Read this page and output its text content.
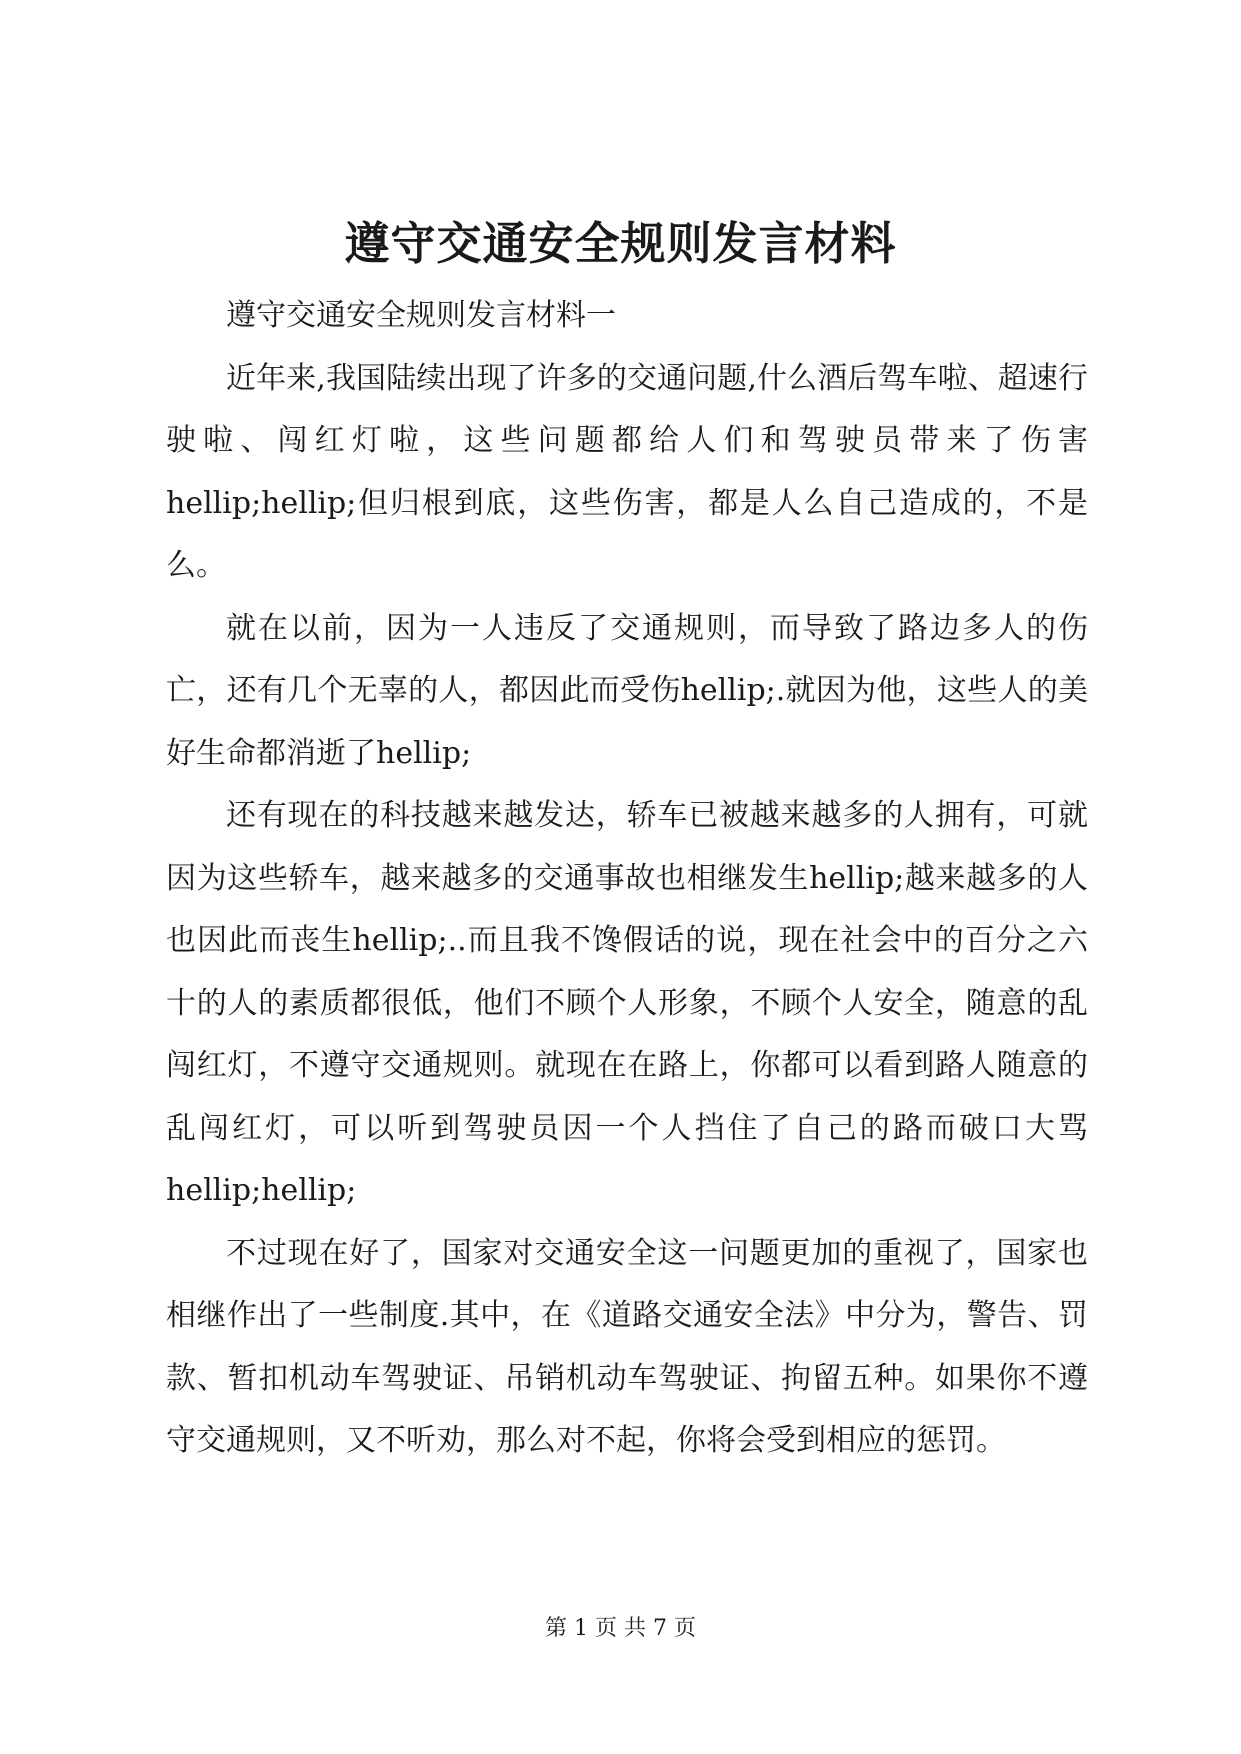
遵守交通安全规则发言材料

遵守交通安全规则发言材料一

近年来,我国陆续出现了许多的交通问题,什么酒后驾车啦、超速行驶啦、闯红灯啦，这些问题都给人们和驾驶员带来了伤害hellip;hellip;但归根到底，这些伤害，都是人么自己造成的，不是么。

就在以前，因为一人违反了交通规则，而导致了路边多人的伤亡，还有几个无辜的人，都因此而受伤hellip;.就因为他，这些人的美好生命都消逝了hellip;

还有现在的科技越来越发达，轿车已被越来越多的人拥有，可就因为这些轿车，越来越多的交通事故也相继发生hellip;越来越多的人也因此而丧生hellip;..而且我不馋假话的说，现在社会中的百分之六十的人的素质都很低，他们不顾个人形象，不顾个人安全，随意的乱闯红灯，不遵守交通规则。就现在在路上，你都可以看到路人随意的乱闯红灯，可以听到驾驶员因一个人挡住了自己的路而破口大骂hellip;hellip;

不过现在好了，国家对交通安全这一问题更加的重视了，国家也相继作出了一些制度.其中，在《道路交通安全法》中分为，警告、罚款、暂扣机动车驾驶证、吊销机动车驾驶证、拘留五种。如果你不遵守交通规则，又不听劝，那么对不起，你将会受到相应的惩罚。

第 1 页 共 7 页
